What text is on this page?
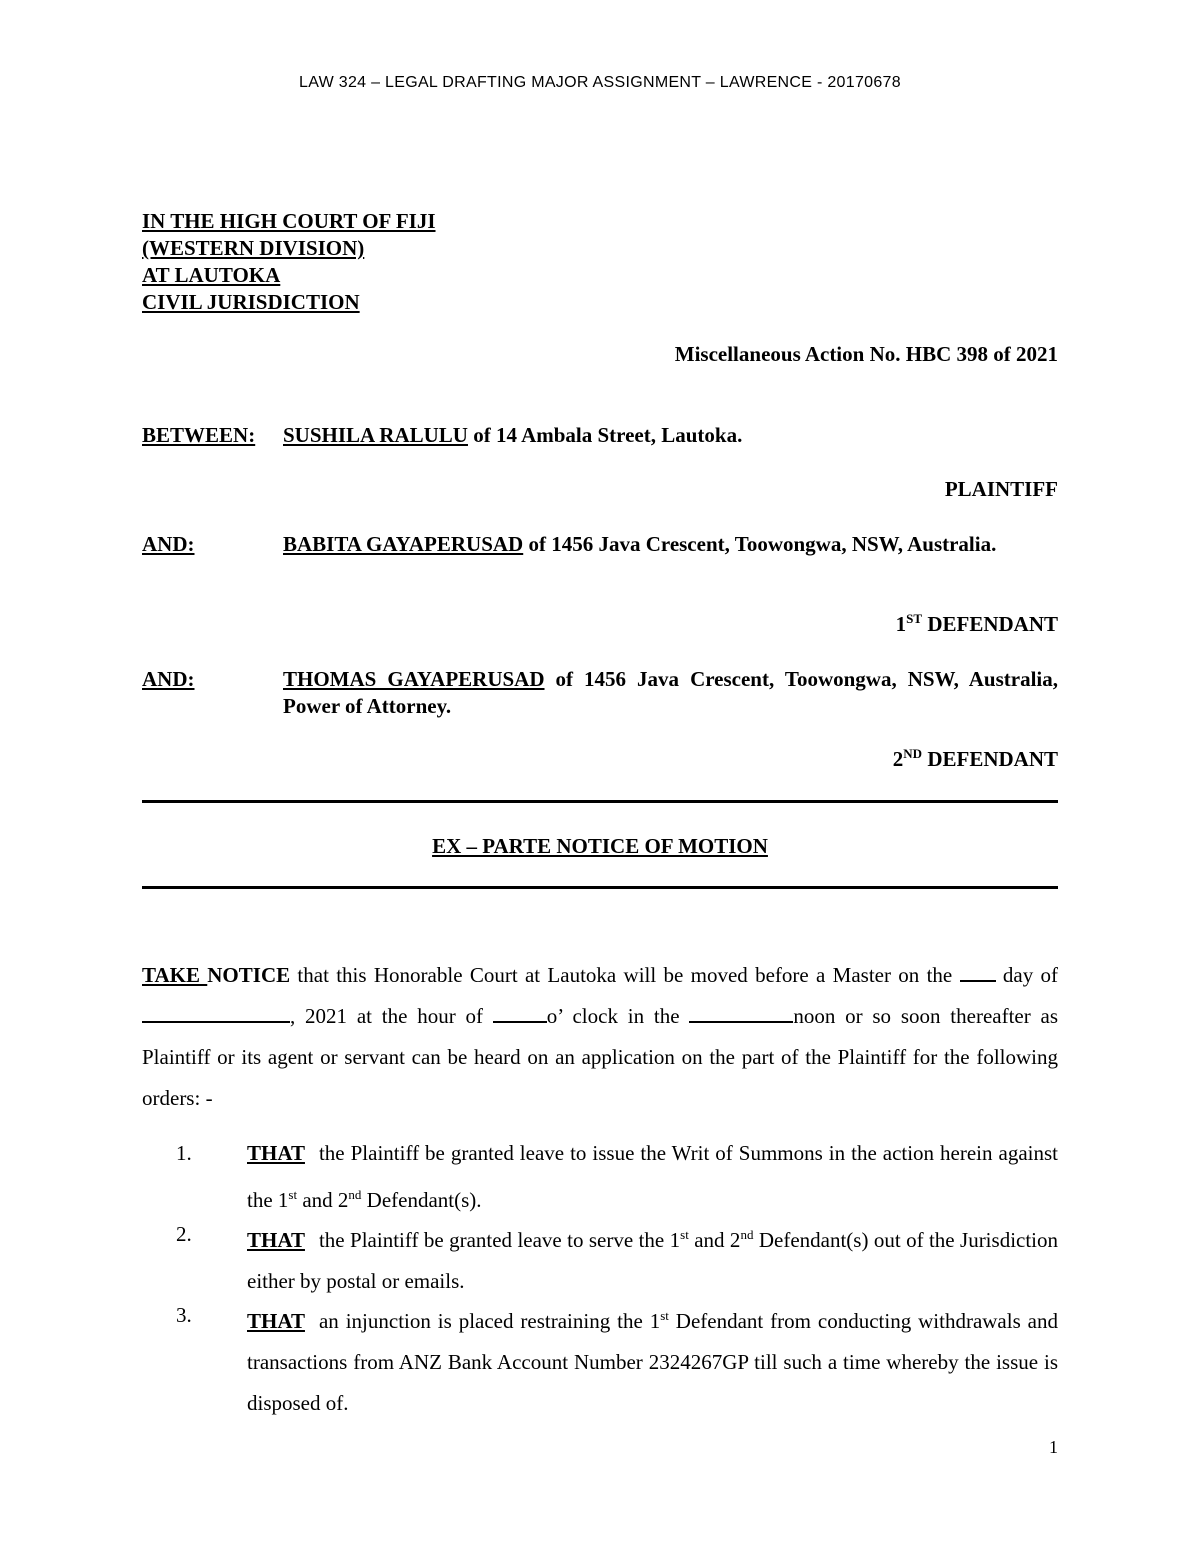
LAW 324 – LEGAL DRAFTING MAJOR ASSIGNMENT – LAWRENCE - 20170678
IN THE HIGH COURT OF FIJI
(WESTERN DIVISION)
AT LAUTOKA
CIVIL JURISDICTION
Miscellaneous Action No. HBC 398 of 2021
BETWEEN: SUSHILA RALULU of 14 Ambala Street, Lautoka.
PLAINTIFF
AND:	BABITA GAYAPERUSAD of 1456 Java Crescent, Toowongwa, NSW, Australia.
1ST DEFENDANT
AND:	THOMAS GAYAPERUSAD of 1456 Java Crescent, Toowongwa, NSW, Australia, Power of Attorney.
2ND DEFENDANT
EX – PARTE NOTICE OF MOTION
TAKE NOTICE that this Honorable Court at Lautoka will be moved before a Master on the  day of , 2021 at the hour of	o’ clock in the	noon or so soon thereafter as Plaintiff or its agent or servant can be heard on an application on the part of the Plaintiff for the following orders: -
1.	THAT the Plaintiff be granted leave to issue the Writ of Summons in the action herein against the 1st and 2nd Defendant(s).
2.	THAT the Plaintiff be granted leave to serve the 1st and 2nd Defendant(s) out of the Jurisdiction either by postal or emails.
3.	THAT an injunction is placed restraining the 1st Defendant from conducting withdrawals and transactions from ANZ Bank Account Number 2324267GP till such a time whereby the issue is disposed of.
1
